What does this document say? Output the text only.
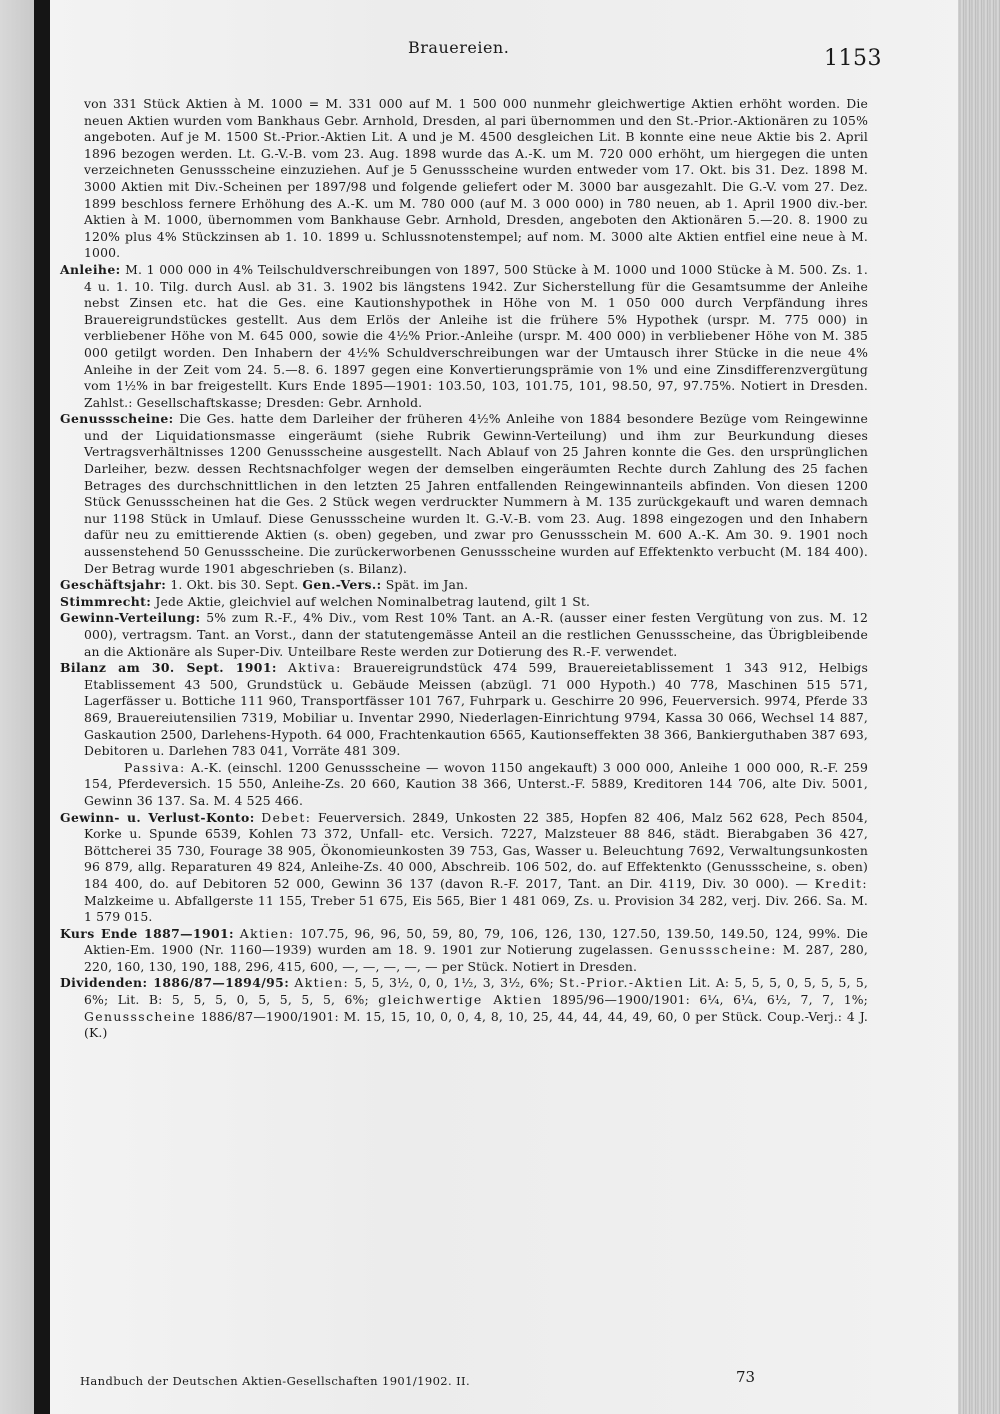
Brauereien.	1153

von 331 Stück Aktien à M. 1000 = M. 331 000 auf M. 1 500 000 nunmehr gleichwertige Aktien erhöht worden. Die neuen Aktien wurden vom Bankhaus Gebr. Arnhold, Dresden, al pari übernommen und den St.-Prior.-Aktionären zu 105% angeboten. Auf je M. 1500 St.-Prior.-Aktien Lit. A und je M. 4500 desgleichen Lit. B konnte eine neue Aktie bis 2. April 1896 bezogen werden. Lt. G.-V.-B. vom 23. Aug. 1898 wurde das A.-K. um M. 720 000 erhöht, um hiergegen die unten verzeichneten Genussscheine einzuziehen. Auf je 5 Genussscheine wurden entweder vom 17. Okt. bis 31. Dez. 1898 M. 3000 Aktien mit Div.-Scheinen per 1897/98 und folgende geliefert oder M. 3000 bar ausgezahlt. Die G.-V. vom 27. Dez. 1899 beschloss fernere Erhöhung des A.-K. um M. 780 000 (auf M. 3 000 000) in 780 neuen, ab 1. April 1900 div.-ber. Aktien à M. 1000, übernommen vom Bankhause Gebr. Arnhold, Dresden, angeboten den Aktionären 5.—20. 8. 1900 zu 120% plus 4% Stückzinsen ab 1. 10. 1899 u. Schlussnotenstempel; auf nom. M. 3000 alte Aktien entfiel eine neue à M. 1000.

Anleihe: M. 1 000 000 in 4% Teilschuldverschreibungen von 1897, 500 Stücke à M. 1000 und 1000 Stücke à M. 500. Zs. 1. 4 u. 1. 10. Tilg. durch Ausl. ab 31. 3. 1902 bis längstens 1942. Zur Sicherstellung für die Gesamtsumme der Anleihe nebst Zinsen etc. hat die Ges. eine Kautionshypothek in Höhe von M. 1 050 000 durch Verpfändung ihres Brauereigrundstückes gestellt. Aus dem Erlös der Anleihe ist die frühere 5% Hypothek (urspr. M. 775 000) in verbliebener Höhe von M. 645 000, sowie die 4½% Prior.-Anleihe (urspr. M. 400 000) in verbliebener Höhe von M. 385 000 getilgt worden. Den Inhabern der 4½% Schuldverschreibungen war der Umtausch ihrer Stücke in die neue 4% Anleihe in der Zeit vom 24. 5.—8. 6. 1897 gegen eine Konvertierungsprämie von 1% und eine Zinsdifferenzvergütung vom 1½% in bar freigestellt. Kurs Ende 1895—1901: 103.50, 103, 101.75, 101, 98.50, 97, 97.75%. Notiert in Dresden. Zahlst.: Gesellschaftskasse; Dresden: Gebr. Arnhold.

Genussscheine: Die Ges. hatte dem Darleiher der früheren 4½% Anleihe von 1884 besondere Bezüge vom Reingewinne und der Liquidationsmasse eingeräumt (siehe Rubrik Gewinn-Verteilung) und ihm zur Beurkundung dieses Vertragsverhältnisses 1200 Genussscheine ausgestellt. Nach Ablauf von 25 Jahren konnte die Ges. den ursprünglichen Darleiher, bezw. dessen Rechtsnachfolger wegen der demselben eingeräumten Rechte durch Zahlung des 25 fachen Betrages des durchschnittlichen in den letzten 25 Jahren entfallenden Reingewinnanteils abfinden. Von diesen 1200 Stück Genussscheinen hat die Ges. 2 Stück wegen verdruckter Nummern à M. 135 zurückgekauft und waren demnach nur 1198 Stück in Umlauf. Diese Genussscheine wurden lt. G.-V.-B. vom 23. Aug. 1898 eingezogen und den Inhabern dafür neu zu emittierende Aktien (s. oben) gegeben, und zwar pro Genussschein M. 600 A.-K. Am 30. 9. 1901 noch aussenstehend 50 Genussscheine. Die zurückerworbenen Genussscheine wurden auf Effektenkto verbucht (M. 184 400). Der Betrag wurde 1901 abgeschrieben (s. Bilanz).

Geschäftsjahr: 1. Okt. bis 30. Sept. Gen.-Vers.: Spät. im Jan.

Stimmrecht: Jede Aktie, gleichviel auf welchen Nominalbetrag lautend, gilt 1 St.

Gewinn-Verteilung: 5% zum R.-F., 4% Div., vom Rest 10% Tant. an A.-R. (ausser einer festen Vergütung von zus. M. 12 000), vertragsm. Tant. an Vorst., dann der statutengemässe Anteil an die restlichen Genussscheine, das Übrigbleibende an die Aktionäre als Super-Div. Unteilbare Reste werden zur Dotierung des R.-F. verwendet.

Bilanz am 30. Sept. 1901: Aktiva: Brauereigrundstück 474 599, Brauereietablissement 1 343 912, Helbigs Etablissement 43 500, Grundstück u. Gebäude Meissen (abzügl. 71 000 Hypoth.) 40 778, Maschinen 515 571, Lagerfässer u. Bottiche 111 960, Transportfässer 101 767, Fuhrpark u. Geschirre 20 996, Feuerversich. 9974, Pferde 33 869, Brauereiutensilien 7319, Mobiliar u. Inventar 2990, Niederlagen-Einrichtung 9794, Kassa 30 066, Wechsel 14 887, Gaskaution 2500, Darlehens-Hypoth. 64 000, Frachtenkaution 6565, Kautionseffekten 38 366, Bankierguthaben 387 693, Debitoren u. Darlehen 783 041, Vorräte 481 309.

Passiva: A.-K. (einschl. 1200 Genussscheine — wovon 1150 angekauft) 3 000 000, Anleihe 1 000 000, R.-F. 259 154, Pferdeversich. 15 550, Anleihe-Zs. 20 660, Kaution 38 366, Unterst.-F. 5889, Kreditoren 144 706, alte Div. 5001, Gewinn 36 137. Sa. M. 4 525 466.

Gewinn- u. Verlust-Konto: Debet: Feuerversich. 2849, Unkosten 22 385, Hopfen 82 406, Malz 562 628, Pech 8504, Korke u. Spunde 6539, Kohlen 73 372, Unfall- etc. Versich. 7227, Malzsteuer 88 846, städt. Bierabgaben 36 427, Böttcherei 35 730, Fourage 38 905, Ökonomieunkosten 39 753, Gas, Wasser u. Beleuchtung 7692, Verwaltungsunkosten 96 879, allg. Reparaturen 49 824, Anleihe-Zs. 40 000, Abschreib. 106 502, do. auf Effektenkto (Genussscheine, s. oben) 184 400, do. auf Debitoren 52 000, Gewinn 36 137 (davon R.-F. 2017, Tant. an Dir. 4119, Div. 30 000). — Kredit: Malzkeime u. Abfallgerste 11 155, Treber 51 675, Eis 565, Bier 1 481 069, Zs. u. Provision 34 282, verj. Div. 266. Sa. M. 1 579 015.

Kurs Ende 1887—1901: Aktien: 107.75, 96, 96, 50, 59, 80, 79, 106, 126, 130, 127.50, 139.50, 149.50, 124, 99%. Die Aktien-Em. 1900 (Nr. 1160—1939) wurden am 18. 9. 1901 zur Notierung zugelassen. Genussscheine: M. 287, 280, 220, 160, 130, 190, 188, 296, 415, 600, —, —, —, —, — per Stück. Notiert in Dresden.

Dividenden: 1886/87—1894/95: Aktien: 5, 5, 3½, 0, 0, 1½, 3, 3½, 6%; St.-Prior.-Aktien Lit. A: 5, 5, 5, 0, 5, 5, 5, 5, 6%; Lit. B: 5, 5, 5, 0, 5, 5, 5, 5, 6%; gleichwertige Aktien 1895/96—1900/1901: 6¼, 6¼, 6½, 7, 7, 1%; Genussscheine 1886/87—1900/1901: M. 15, 15, 10, 0, 0, 4, 8, 10, 25, 44, 44, 44, 49, 60, 0 per Stück. Coup.-Verj.: 4 J. (K.)

Handbuch der Deutschen Aktien-Gesellschaften 1901/1902. II.	73
